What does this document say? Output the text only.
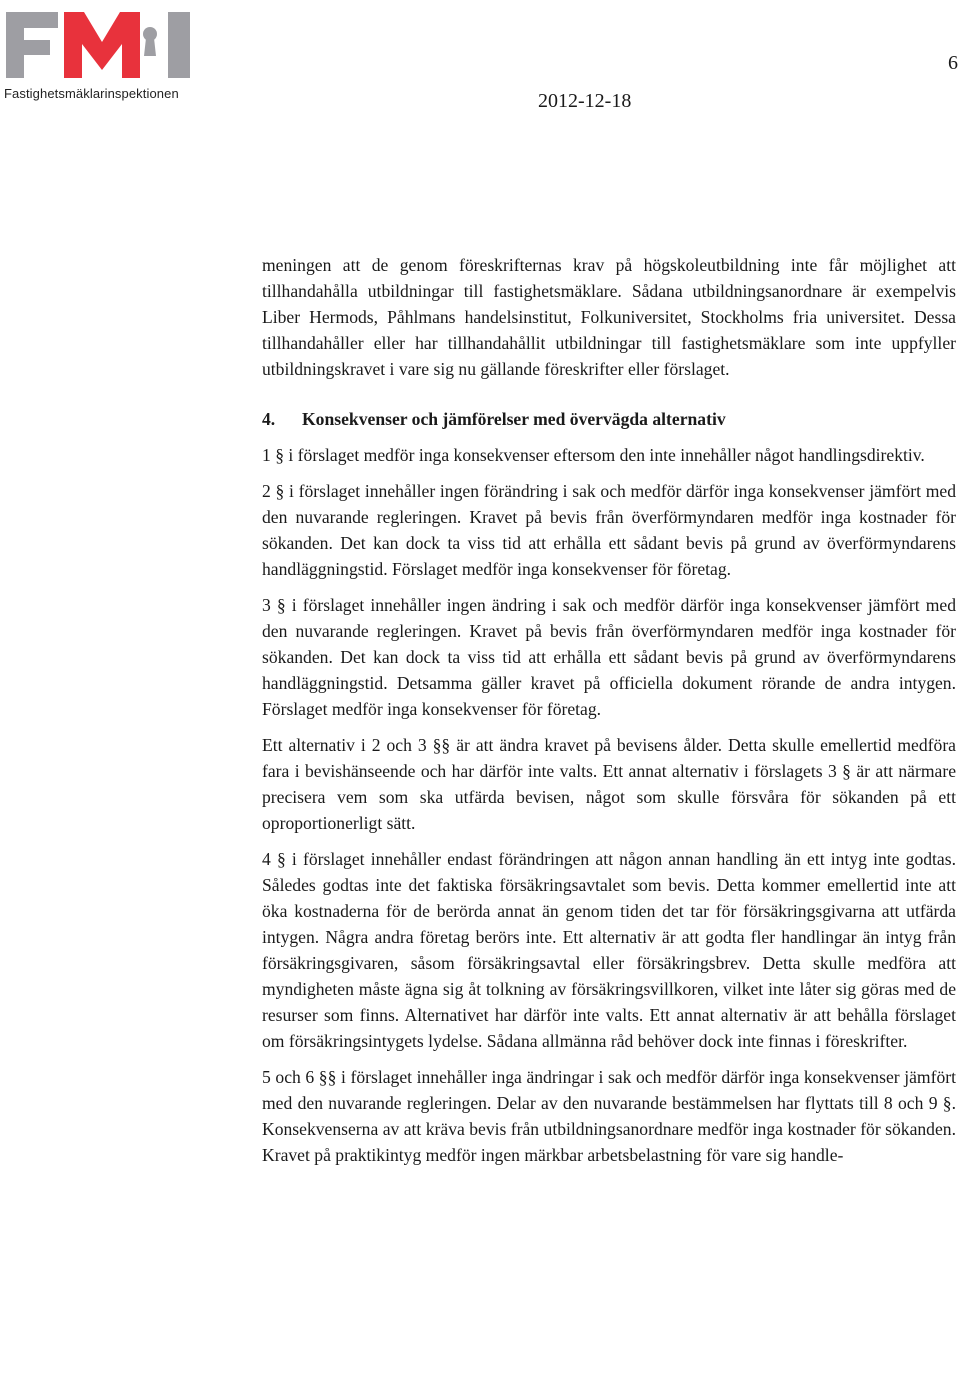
Fastighetsmäklarinspektionen
6
2012-12-18

meningen att de genom föreskrifternas krav på högskoleutbildning inte får möjlighet att tillhandahålla utbildningar till fastighetsmäklare. Sådana utbildningsanordnare är exempelvis Liber Hermods, Påhlmans handelsinstitut, Folkuniversitet, Stockholms fria universitet. Dessa tillhandahåller eller har tillhandahållit utbildningar till fastighetsmäklare som inte uppfyller utbildningskravet i vare sig nu gällande föreskrifter eller förslaget.

4. Konsekvenser och jämförelser med övervägda alternativ

1 § i förslaget medför inga konsekvenser eftersom den inte innehåller något handlingsdirektiv.

2 § i förslaget innehåller ingen förändring i sak och medför därför inga konsekvenser jämfört med den nuvarande regleringen. Kravet på bevis från överförmyndaren medför inga kostnader för sökanden. Det kan dock ta viss tid att erhålla ett sådant bevis på grund av överförmyndarens handläggningstid. Förslaget medför inga konsekvenser för företag.

3 § i förslaget innehåller ingen ändring i sak och medför därför inga konsekvenser jämfört med den nuvarande regleringen. Kravet på bevis från överförmyndaren medför inga kostnader för sökanden. Det kan dock ta viss tid att erhålla ett sådant bevis på grund av överförmyndarens handläggningstid. Detsamma gäller kravet på officiella dokument rörande de andra intygen. Förslaget medför inga konsekvenser för företag.

Ett alternativ i 2 och 3 §§ är att ändra kravet på bevisens ålder. Detta skulle emellertid medföra fara i bevishänseende och har därför inte valts. Ett annat alternativ i förslagets 3 § är att närmare precisera vem som ska utfärda bevisen, något som skulle försvåra för sökanden på ett oproportionerligt sätt.

4 § i förslaget innehåller endast förändringen att någon annan handling än ett intyg inte godtas. Således godtas inte det faktiska försäkringsavtalet som bevis. Detta kommer emellertid inte att öka kostnaderna för de berörda annat än genom tiden det tar för försäkringsgivarna att utfärda intygen. Några andra företag berörs inte. Ett alternativ är att godta fler handlingar än intyg från försäkringsgivaren, såsom försäkringsavtal eller försäkringsbrev. Detta skulle medföra att myndigheten måste ägna sig åt tolkning av försäkringsvillkoren, vilket inte låter sig göras med de resurser som finns. Alternativet har därför inte valts. Ett annat alternativ är att behålla förslaget om försäkringsintygets lydelse. Sådana allmänna råd behöver dock inte finnas i föreskrifter.

5 och 6 §§ i förslaget innehåller inga ändringar i sak och medför därför inga konsekvenser jämfört med den nuvarande regleringen. Delar av den nuvarande bestämmelsen har flyttats till 8 och 9 §. Konsekvenserna av att kräva bevis från utbildningsanordnare medför inga kostnader för sökanden. Kravet på praktikintyg medför ingen märkbar arbetsbelastning för vare sig handle-
